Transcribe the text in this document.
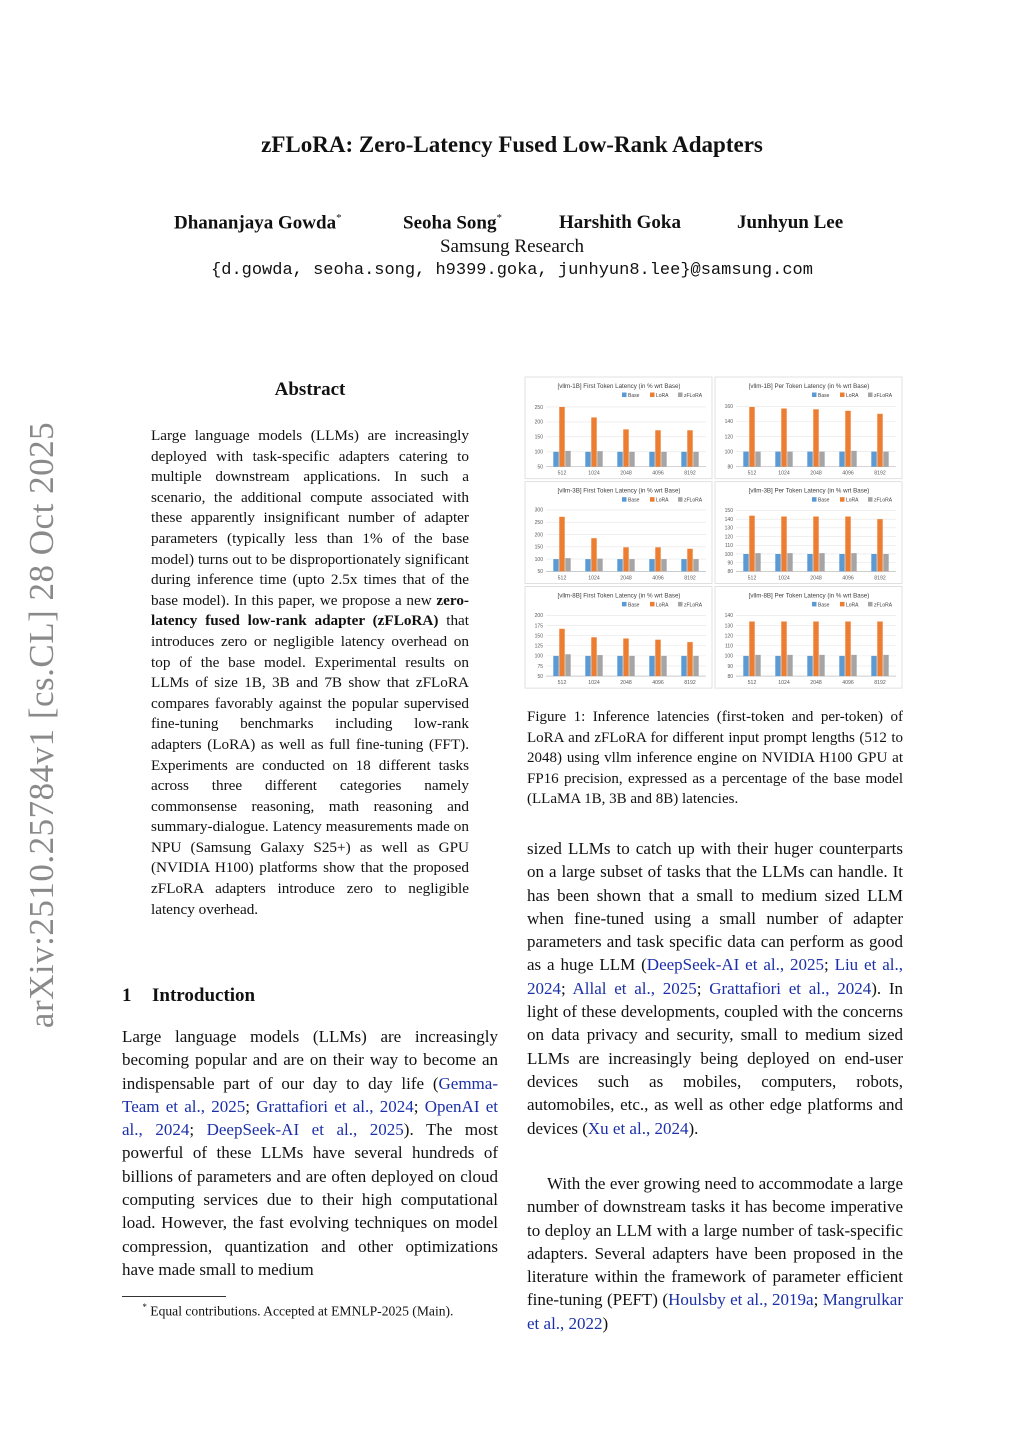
arXiv:2510.25784v1 [cs.CL] 28 Oct 2025
zFLoRA: Zero-Latency Fused Low-Rank Adapters
Dhananjaya Gowda*	Seoha Song*	Harshith Goka	Junhyun Lee
Samsung Research
{d.gowda, seoha.song, h9399.goka, junhyun8.lee}@samsung.com
Abstract
Large language models (LLMs) are increasingly deployed with task-specific adapters catering to multiple downstream applications. In such a scenario, the additional compute associated with these apparently insignificant number of adapter parameters (typically less than 1% of the base model) turns out to be disproportionately significant during inference time (upto 2.5x times that of the base model). In this paper, we propose a new zero-latency fused low-rank adapter (zFLoRA) that introduces zero or negligible latency overhead on top of the base model. Experimental results on LLMs of size 1B, 3B and 7B show that zFLoRA compares favorably against the popular supervised fine-tuning benchmarks including low-rank adapters (LoRA) as well as full fine-tuning (FFT). Experiments are conducted on 18 different tasks across three different categories namely commonsense reasoning, math reasoning and summary-dialogue. Latency measurements made on NPU (Samsung Galaxy S25+) as well as GPU (NVIDIA H100) platforms show that the proposed zFLoRA adapters introduce zero to negligible latency overhead.
1 Introduction
Large language models (LLMs) are increasingly becoming popular and are on their way to become an indispensable part of our day to day life (Gemma-Team et al., 2025; Grattafiori et al., 2024; OpenAI et al., 2024; DeepSeek-AI et al., 2025). The most powerful of these LLMs have several hundreds of billions of parameters and are often deployed on cloud computing services due to their high computational load. However, the fast evolving techniques on model compression, quantization and other optimizations have made small to medium
* Equal contributions. Accepted at EMNLP-2025 (Main).
[vllm-1B] First Token Latency (in % wrt Base)
Base	LoRA	zFLoRA
50
100
150
200
250
512	1024	2048	4096	8192
[vllm-1B] Per Token Latency (in % wrt Base)
Base	LoRA	zFLoRA
80
100
120
140
160
512	1024	2048	4096	8192
[vllm-3B] First Token Latency (in % wrt Base)
Base	LoRA	zFLoRA
50
100
150
200
250
300
512	1024	2048	4096	8192
[vllm-3B] Per Token Latency (in % wrt Base)
Base	LoRA	zFLoRA
80
90
100
110
120
130
140
150
512	1024	2048	4096	8192
[vllm-8B] First Token Latency (in % wrt Base)
Base	LoRA	zFLoRA
50
75
100
125
150
175
200
512	1024	2048	4096	8192
[vllm-8B] Per Token Latency (in % wrt Base)
Base	LoRA	zFLoRA
80
90
100
110
120
130
140
512	1024	2048	4096	8192
Figure 1: Inference latencies (first-token and per-token) of LoRA and zFLoRA for different input prompt lengths (512 to 2048) using vllm inference engine on NVIDIA H100 GPU at FP16 precision, expressed as a percentage of the base model (LLaMA 1B, 3B and 8B) latencies.
sized LLMs to catch up with their huger counterparts on a large subset of tasks that the LLMs can handle. It has been shown that a small to medium sized LLM when fine-tuned using a small number of adapter parameters and task specific data can perform as good as a huge LLM (DeepSeek-AI et al., 2025; Liu et al., 2024; Allal et al., 2025; Grattafiori et al., 2024). In light of these developments, coupled with the concerns on data privacy and security, small to medium sized LLMs are increasingly being deployed on end-user devices such as mobiles, computers, robots, automobiles, etc., as well as other edge platforms and devices (Xu et al., 2024).
With the ever growing need to accommodate a large number of downstream tasks it has become imperative to deploy an LLM with a large number of task-specific adapters. Several adapters have been proposed in the literature within the framework of parameter efficient fine-tuning (PEFT) (Houlsby et al., 2019a; Mangrulkar et al., 2022)
